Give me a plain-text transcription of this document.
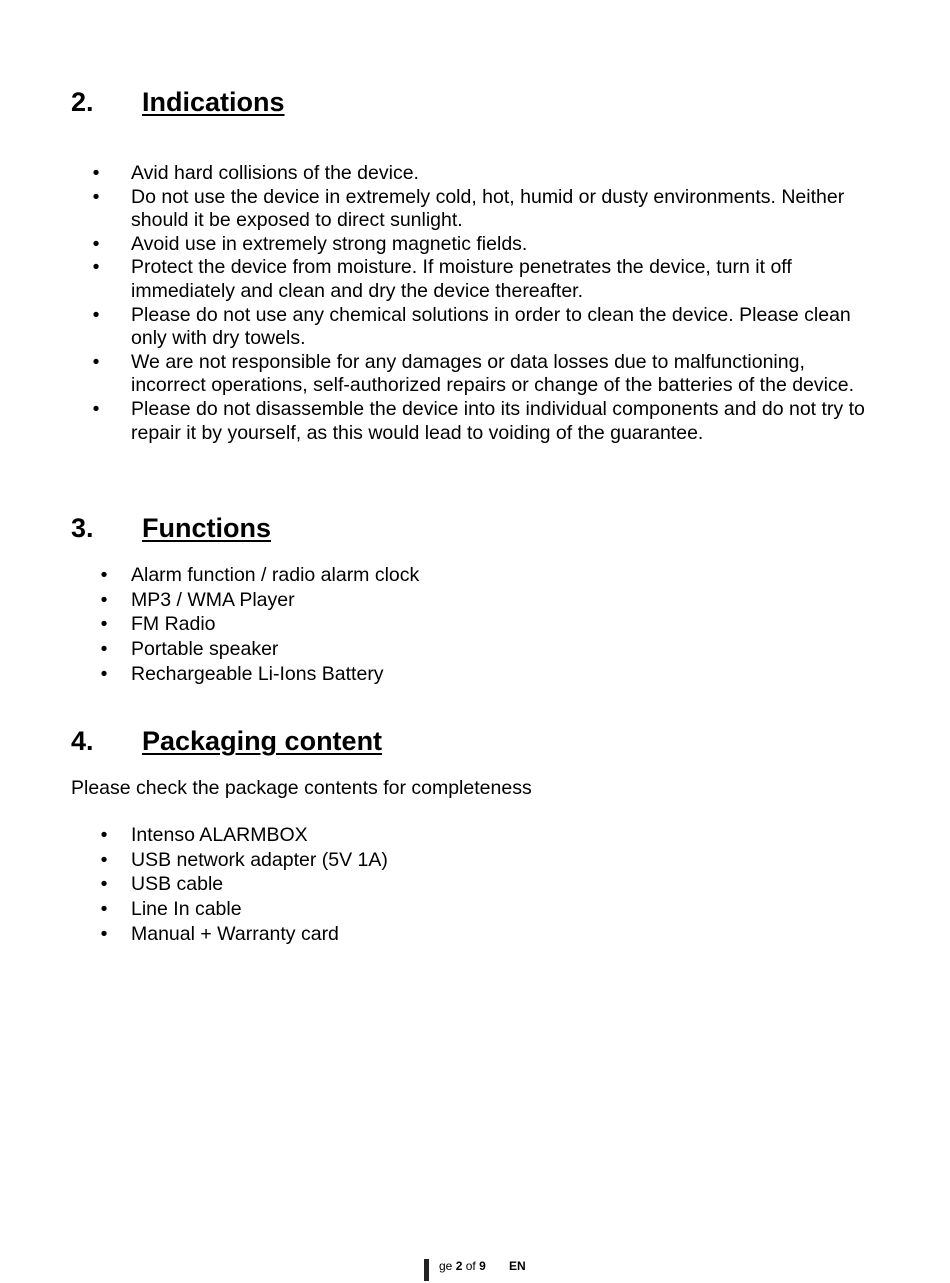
2. Indications
• Avid hard collisions of the device.
• Do not use the device in extremely cold, hot, humid or dusty environments. Neither should it be exposed to direct sunlight.
• Avoid use in extremely strong magnetic fields.
• Protect the device from moisture. If moisture penetrates the device, turn it off immediately and clean and dry the device thereafter.
• Please do not use any chemical solutions in order to clean the device. Please clean only with dry towels.
• We are not responsible for any damages or data losses due to malfunctioning, incorrect operations, self-authorized repairs or change of the batteries of the device.
• Please do not disassemble the device into its individual components and do not try to repair it by yourself, as this would lead to voiding of the guarantee.
3. Functions
• Alarm function / radio alarm clock
• MP3 / WMA Player
• FM Radio
• Portable speaker
• Rechargeable Li-Ions Battery
4. Packaging content

Please check the package contents for completeness

• Intenso ALARMBOX
• USB network adapter (5V 1A)
• USB cable
• Line In cable
• Manual + Warranty card
ge 2 of 9 EN
